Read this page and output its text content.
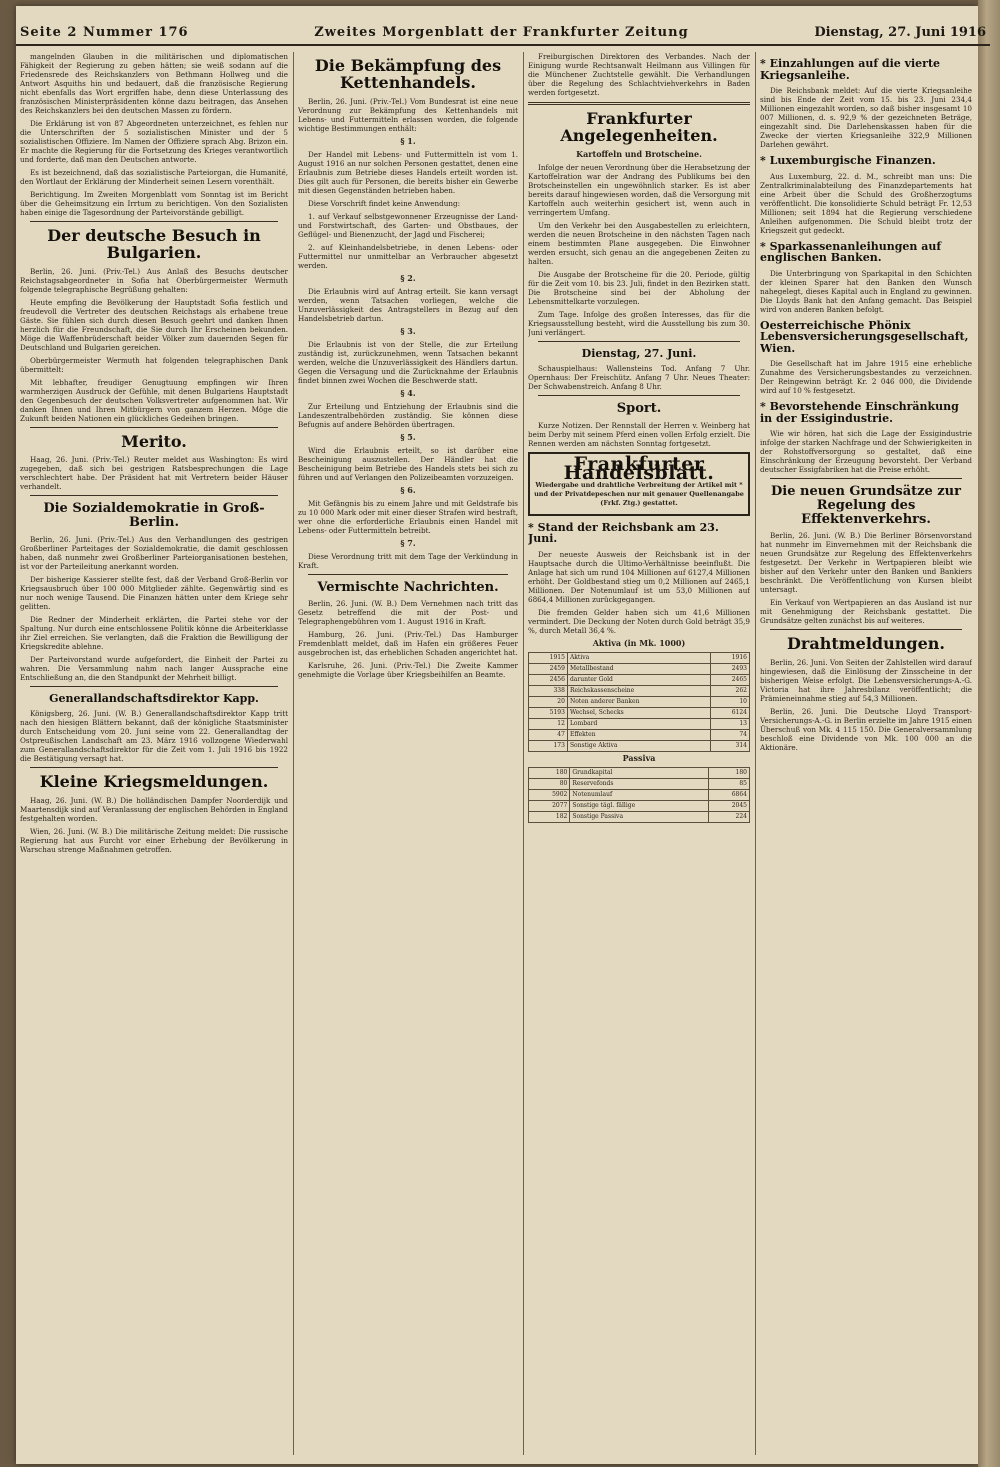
Seite 2 Nummer 176	Zweites Morgenblatt der Frankfurter Zeitung	Dienstag, 27. Juni 1916

mangelnden Glauben in die militärischen und diplomatischen Fähigkeit der Regierung zu geben hätten; sie weiß sodann auf die Friedensrede des Reichskanzlers von Bethmann Hollweg und die Antwort Asquiths hin und bedauert, daß die französische Regierung nicht ebenfalls das Wort ergriffen habe, denn diese Unterlassung des französischen Ministerpräsidenten könne dazu beitragen, das Ansehen des Reichskanzlers bei den deutschen Massen zu fördern.

Die Erklärung ist von 87 Abgeordneten unterzeichnet, es fehlen nur die Unterschriften der 5 sozialistischen Minister und der 5 sozialistischen Offiziere. Im Namen der Offiziere sprach Abg. Brizon ein. Er machte die Regierung für die Fortsetzung des Krieges verantwortlich und forderte, daß man den Deutschen antworte.

Es ist bezeichnend, daß das sozialistische Parteiorgan, die Humanité, den Wortlaut der Erklärung der Minderheit seinen Lesern vorenthält.

Berichtigung. Im Zweiten Morgenblatt vom Sonntag ist im Bericht über die Geheimsitzung ein Irrtum zu berichtigen. Von den Sozialisten haben einige die Tagesordnung der Parteivorstände gebilligt.

Der deutsche Besuch in Bulgarien.

Berlin, 26. Juni. (Priv.-Tel.) Aus Anlaß des Besuchs deutscher Reichstagsabgeordneter in Sofia hat Oberbürgermeister Wermuth folgende telegraphische Begrüßung gehalten:

Heute empfing die Bevölkerung der Hauptstadt Sofia festlich und freudevoll die Vertreter des deutschen Reichstags als erhabene treue Gäste. Sie fühlen sich durch diesen Besuch geehrt und danken Ihnen herzlich für die Freundschaft, die Sie durch Ihr Erscheinen bekunden. Möge die Waffenbrüderschaft beider Völker zum dauernden Segen für Deutschland und Bulgarien gereichen.

Oberbürgermeister Wermuth hat folgenden telegraphischen Dank übermittelt:

Mit lebhafter, freudiger Genugtuung empfingen wir Ihren warmherzigen Ausdruck der Gefühle, mit denen Bulgariens Hauptstadt den Gegenbesuch der deutschen Volksvertreter aufgenommen hat. Wir danken Ihnen und Ihren Mitbürgern von ganzem Herzen. Möge die Zukunft beiden Nationen ein glückliches Gedeihen bringen.

Merito.

Haag, 26. Juni. (Priv.-Tel.) Reuter meldet aus Washington: Es wird zugegeben, daß sich bei gestrigen Ratsbesprechungen die Lage verschlechtert habe. Der Präsident hat mit Vertretern beider Häuser verhandelt.

Die Sozialdemokratie in Groß-Berlin.

Berlin, 26. Juni. (Priv.-Tel.) Aus den Verhandlungen des gestrigen Großberliner Parteitages der Sozialdemokratie, die damit geschlossen haben, daß nunmehr zwei Großberliner Parteiorganisationen bestehen, ist vor der Parteileitung anerkannt worden.

Der bisherige Kassierer stellte fest, daß der Verband Groß-Berlin vor Kriegsausbruch über 100 000 Mitglieder zählte. Gegenwärtig sind es nur noch wenige Tausend. Die Finanzen hätten unter dem Kriege sehr gelitten.

Die Redner der Minderheit erklärten, die Partei stehe vor der Spaltung. Nur durch eine entschlossene Politik könne die Arbeiterklasse ihr Ziel erreichen. Sie verlangten, daß die Fraktion die Bewilligung der Kriegskredite ablehne.

Der Parteivorstand wurde aufgefordert, die Einheit der Partei zu wahren. Die Versammlung nahm nach langer Aussprache eine Entschließung an, die den Standpunkt der Mehrheit billigt.

Generallandschaftsdirektor Kapp.

Königsberg, 26. Juni. (W. B.) Generallandschaftsdirektor Kapp tritt nach den hiesigen Blättern bekannt, daß der königliche Staatsminister durch Entscheidung vom 20. Juni seine vom 22. Generallandtag der Ostpreußischen Landschaft am 23. März 1916 vollzogene Wiederwahl zum Generallandschaftsdirektor für die Zeit vom 1. Juli 1916 bis 1922 die Bestätigung versagt hat.

Kleine Kriegsmeldungen.

Haag, 26. Juni. (W. B.) Die holländischen Dampfer Noorderdijk und Maartensdijk sind auf Veranlassung der englischen Behörden in England festgehalten worden.

Wien, 26. Juni. (W. B.) Die militärische Zeitung meldet: Die russische Regierung hat aus Furcht vor einer Erhebung der Bevölkerung in Warschau strenge Maßnahmen getroffen.

Die Bekämpfung des Kettenhandels.

Berlin, 26. Juni. (Priv.-Tel.) Vom Bundesrat ist eine neue Verordnung zur Bekämpfung des Kettenhandels mit Lebens- und Futtermitteln erlassen worden, die folgende wichtige Bestimmungen enthält:

§ 1.

Der Handel mit Lebens- und Futtermitteln ist vom 1. August 1916 an nur solchen Personen gestattet, denen eine Erlaubnis zum Betriebe dieses Handels erteilt worden ist. Dies gilt auch für Personen, die bereits bisher ein Gewerbe mit diesen Gegenständen betrieben haben.

Diese Vorschrift findet keine Anwendung:

1. auf Verkauf selbstgewonnener Erzeugnisse der Land- und Forstwirtschaft, des Garten- und Obstbaues, der Geflügel- und Bienenzucht, der Jagd und Fischerei;

2. auf Kleinhandelsbetriebe, in denen Lebens- oder Futtermittel nur unmittelbar an Verbraucher abgesetzt werden.

§ 2.

Die Erlaubnis wird auf Antrag erteilt. Sie kann versagt werden, wenn Tatsachen vorliegen, welche die Unzuverlässigkeit des Antragstellers in Bezug auf den Handelsbetrieb dartun.

§ 3.

Die Erlaubnis ist von der Stelle, die zur Erteilung zuständig ist, zurückzunehmen, wenn Tatsachen bekannt werden, welche die Unzuverlässigkeit des Händlers dartun. Gegen die Versagung und die Zurücknahme der Erlaubnis findet binnen zwei Wochen die Beschwerde statt.

§ 4.

Zur Erteilung und Entziehung der Erlaubnis sind die Landeszentralbehörden zuständig. Sie können diese Befugnis auf andere Behörden übertragen.

§ 5.

Wird die Erlaubnis erteilt, so ist darüber eine Bescheinigung auszustellen. Der Händler hat die Bescheinigung beim Betriebe des Handels stets bei sich zu führen und auf Verlangen den Polizeibeamten vorzuzeigen.

§ 6.

Mit Gefängnis bis zu einem Jahre und mit Geldstrafe bis zu 10 000 Mark oder mit einer dieser Strafen wird bestraft, wer ohne die erforderliche Erlaubnis einen Handel mit Lebens- oder Futtermitteln betreibt.

§ 7.

Diese Verordnung tritt mit dem Tage der Verkündung in Kraft.

Vermischte Nachrichten.

Berlin, 26. Juni. (W. B.) Dem Vernehmen nach tritt das Gesetz betreffend die mit der Post- und Telegraphengebühren vom 1. August 1916 in Kraft.

Hamburg, 26. Juni. (Priv.-Tel.) Das Hamburger Fremdenblatt meldet, daß im Hafen ein größeres Feuer ausgebrochen ist, das erheblichen Schaden angerichtet hat.

Karlsruhe, 26. Juni. (Priv.-Tel.) Die Zweite Kammer genehmigte die Vorlage über Kriegsbeihilfen an Beamte.

Freiburgischen Direktoren des Verbandes. Nach der Einigung wurde Rechtsanwalt Heilmann aus Villingen für die Münchener Zuchtstelle gewählt. Die Verhandlungen über die Regelung des Schlachtviehverkehrs in Baden werden fortgesetzt.

Frankfurter Angelegenheiten.
Kartoffeln und Brotscheine.

Infolge der neuen Verordnung über die Herabsetzung der Kartoffelration war der Andrang des Publikums bei den Brotscheinstellen ein ungewöhnlich starker. Es ist aber bereits darauf hingewiesen worden, daß die Versorgung mit Kartoffeln auch weiterhin gesichert ist, wenn auch in verringertem Umfang.

Um den Verkehr bei den Ausgabestellen zu erleichtern, werden die neuen Brotscheine in den nächsten Tagen nach einem bestimmten Plane ausgegeben. Die Einwohner werden ersucht, sich genau an die angegebenen Zeiten zu halten.

Die Ausgabe der Brotscheine für die 20. Periode, gültig für die Zeit vom 10. bis 23. Juli, findet in den Bezirken statt. Die Brotscheine sind bei der Abholung der Lebensmittelkarte vorzulegen.

Zum Tage. Infolge des großen Interesses, das für die Kriegsausstellung besteht, wird die Ausstellung bis zum 30. Juni verlängert.

Dienstag, 27. Juni.

Schauspielhaus: Wallensteins Tod. Anfang 7 Uhr. Opernhaus: Der Freischütz. Anfang 7 Uhr. Neues Theater: Der Schwabenstreich. Anfang 8 Uhr.

Sport.

Kurze Notizen. Der Rennstall der Herren v. Weinberg hat beim Derby mit seinem Pferd einen vollen Erfolg erzielt. Die Rennen werden am nächsten Sonntag fortgesetzt.

Frankfurter Handelsblatt.
Wiedergabe und drahtliche Verbreitung der Artikel mit * und der Privatdepeschen nur mit genauer Quellenangabe (Frkf. Ztg.) gestattet.
* Stand der Reichsbank am 23. Juni.

Der neueste Ausweis der Reichsbank ist in der Hauptsache durch die Ultimo-Verhältnisse beeinflußt. Die Anlage hat sich um rund 104 Millionen auf 6127,4 Millionen erhöht. Der Goldbestand stieg um 0,2 Millionen auf 2465,1 Millionen. Der Notenumlauf ist um 53,0 Millionen auf 6864,4 Millionen zurückgegangen.

Die fremden Gelder haben sich um 41,6 Millionen vermindert. Die Deckung der Noten durch Gold beträgt 35,9 %, durch Metall 36,4 %.

Aktiva (in Mk. 1000)
1915	Aktiva	1916
2459	Metallbestand	2493
2456	darunter Gold	2465
338	Reichskassenscheine	262
20	Noten anderer Banken	10
5193	Wechsel, Schecks	6124
12	Lombard	13
47	Effekten	74
173	Sonstige Aktiva	314
Passiva
180	Grundkapital	180
80	Reservefonds	85
5902	Notenumlauf	6864
2077	Sonstige tägl. fällige	2045
182	Sonstige Passiva	224
* Einzahlungen auf die vierte Kriegsanleihe.

Die Reichsbank meldet: Auf die vierte Kriegsanleihe sind bis Ende der Zeit vom 15. bis 23. Juni 234,4 Millionen eingezahlt worden, so daß bisher insgesamt 10 007 Millionen, d. s. 92,9 % der gezeichneten Beträge, eingezahlt sind. Die Darlehenskassen haben für die Zwecke der vierten Kriegsanleihe 322,9 Millionen Darlehen gewährt.

* Luxemburgische Finanzen.

Aus Luxemburg, 22. d. M., schreibt man uns: Die Zentralkriminalabteilung des Finanzdepartements hat eine Arbeit über die Schuld des Großherzogtums veröffentlicht. Die konsolidierte Schuld beträgt Fr. 12,53 Millionen; seit 1894 hat die Regierung verschiedene Anleihen aufgenommen. Die Schuld bleibt trotz der Kriegszeit gut gedeckt.

* Sparkassenanleihungen auf englischen Banken.

Die Unterbringung von Sparkapital in den Schichten der kleinen Sparer hat den Banken den Wunsch nahegelegt, dieses Kapital auch in England zu gewinnen. Die Lloyds Bank hat den Anfang gemacht. Das Beispiel wird von anderen Banken befolgt.

Oesterreichische Phönix Lebensversicherungsgesellschaft, Wien.

Die Gesellschaft hat im Jahre 1915 eine erhebliche Zunahme des Versicherungsbestandes zu verzeichnen. Der Reingewinn beträgt Kr. 2 046 000, die Dividende wird auf 10 % festgesetzt.

* Bevorstehende Einschränkung in der Essigindustrie.

Wie wir hören, hat sich die Lage der Essigindustrie infolge der starken Nachfrage und der Schwierigkeiten in der Rohstoffversorgung so gestaltet, daß eine Einschränkung der Erzeugung bevorsteht. Der Verband deutscher Essigfabriken hat die Preise erhöht.

Die neuen Grundsätze zur Regelung des Effektenverkehrs.

Berlin, 26. Juni. (W. B.) Die Berliner Börsenvorstand hat nunmehr im Einvernehmen mit der Reichsbank die neuen Grundsätze zur Regelung des Effektenverkehrs festgesetzt. Der Verkehr in Wertpapieren bleibt wie bisher auf den Verkehr unter den Banken und Bankiers beschränkt. Die Veröffentlichung von Kursen bleibt untersagt.

Ein Verkauf von Wertpapieren an das Ausland ist nur mit Genehmigung der Reichsbank gestattet. Die Grundsätze gelten zunächst bis auf weiteres.

Drahtmeldungen.

Berlin, 26. Juni. Von Seiten der Zahlstellen wird darauf hingewiesen, daß die Einlösung der Zinsscheine in der bisherigen Weise erfolgt. Die Lebensversicherungs-A.-G. Victoria hat ihre Jahresbilanz veröffentlicht; die Prämieneinnahme stieg auf 54,3 Millionen.

Berlin, 26. Juni. Die Deutsche Lloyd Transport-Versicherungs-A.-G. in Berlin erzielte im Jahre 1915 einen Überschuß von Mk. 4 115 150. Die Generalversammlung beschloß eine Dividende von Mk. 100 000 an die Aktionäre.
